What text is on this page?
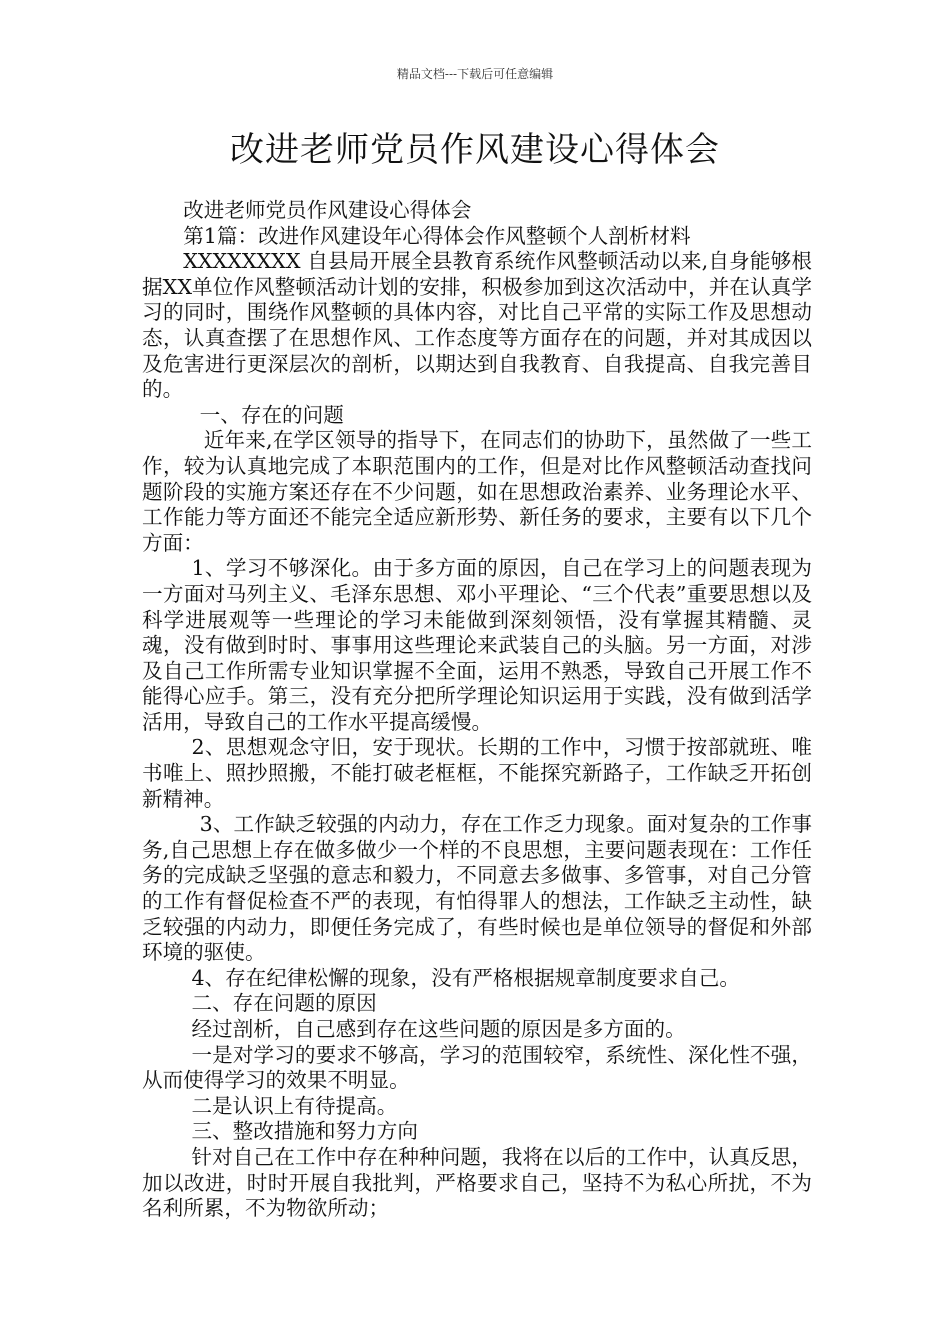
精品文档---下载后可任意编辑
改进老师党员作风建设心得体会

改进老师党员作风建设心得体会

第1篇：改进作风建设年心得体会作风整顿个人剖析材料

XXXXXXXX 自县局开展全县教育系统作风整顿活动以来,自身能够根据XX单位作风整顿活动计划的安排，积极参加到这次活动中，并在认真学习的同时，围绕作风整顿的具体内容，对比自己平常的实际工作及思想动态，认真查摆了在思想作风、工作态度等方面存在的问题，并对其成因以及危害进行更深层次的剖析，以期达到自我教育、自我提高、自我完善目的。

一、存在的问题

近年来,在学区领导的指导下，在同志们的协助下，虽然做了一些工作，较为认真地完成了本职范围内的工作，但是对比作风整顿活动查找问题阶段的实施方案还存在不少问题，如在思想政治素养、业务理论水平、工作能力等方面还不能完全适应新形势、新任务的要求，主要有以下几个方面：

1、学习不够深化。由于多方面的原因，自己在学习上的问题表现为一方面对马列主义、毛泽东思想、邓小平理论、“三个代表”重要思想以及科学进展观等一些理论的学习未能做到深刻领悟，没有掌握其精髓、灵魂，没有做到时时、事事用这些理论来武装自己的头脑。另一方面，对涉及自己工作所需专业知识掌握不全面，运用不熟悉，导致自己开展工作不能得心应手。第三，没有充分把所学理论知识运用于实践，没有做到活学活用，导致自己的工作水平提高缓慢。

2、思想观念守旧，安于现状。长期的工作中，习惯于按部就班、唯书唯上、照抄照搬，不能打破老框框，不能探究新路子，工作缺乏开拓创新精神。

3、工作缺乏较强的内动力，存在工作乏力现象。面对复杂的工作事务,自己思想上存在做多做少一个样的不良思想，主要问题表现在：工作任务的完成缺乏坚强的意志和毅力，不同意去多做事、多管事，对自己分管的工作有督促检查不严的表现，有怕得罪人的想法，工作缺乏主动性，缺乏较强的内动力，即便任务完成了，有些时候也是单位领导的督促和外部环境的驱使。

4、存在纪律松懈的现象，没有严格根据规章制度要求自己。

二、存在问题的原因

经过剖析，自己感到存在这些问题的原因是多方面的。

一是对学习的要求不够高，学习的范围较窄，系统性、深化性不强，从而使得学习的效果不明显。

二是认识上有待提高。

三、整改措施和努力方向

针对自己在工作中存在种种问题，我将在以后的工作中，认真反思，加以改进，时时开展自我批判，严格要求自己，坚持不为私心所扰，不为名利所累，不为物欲所动；
